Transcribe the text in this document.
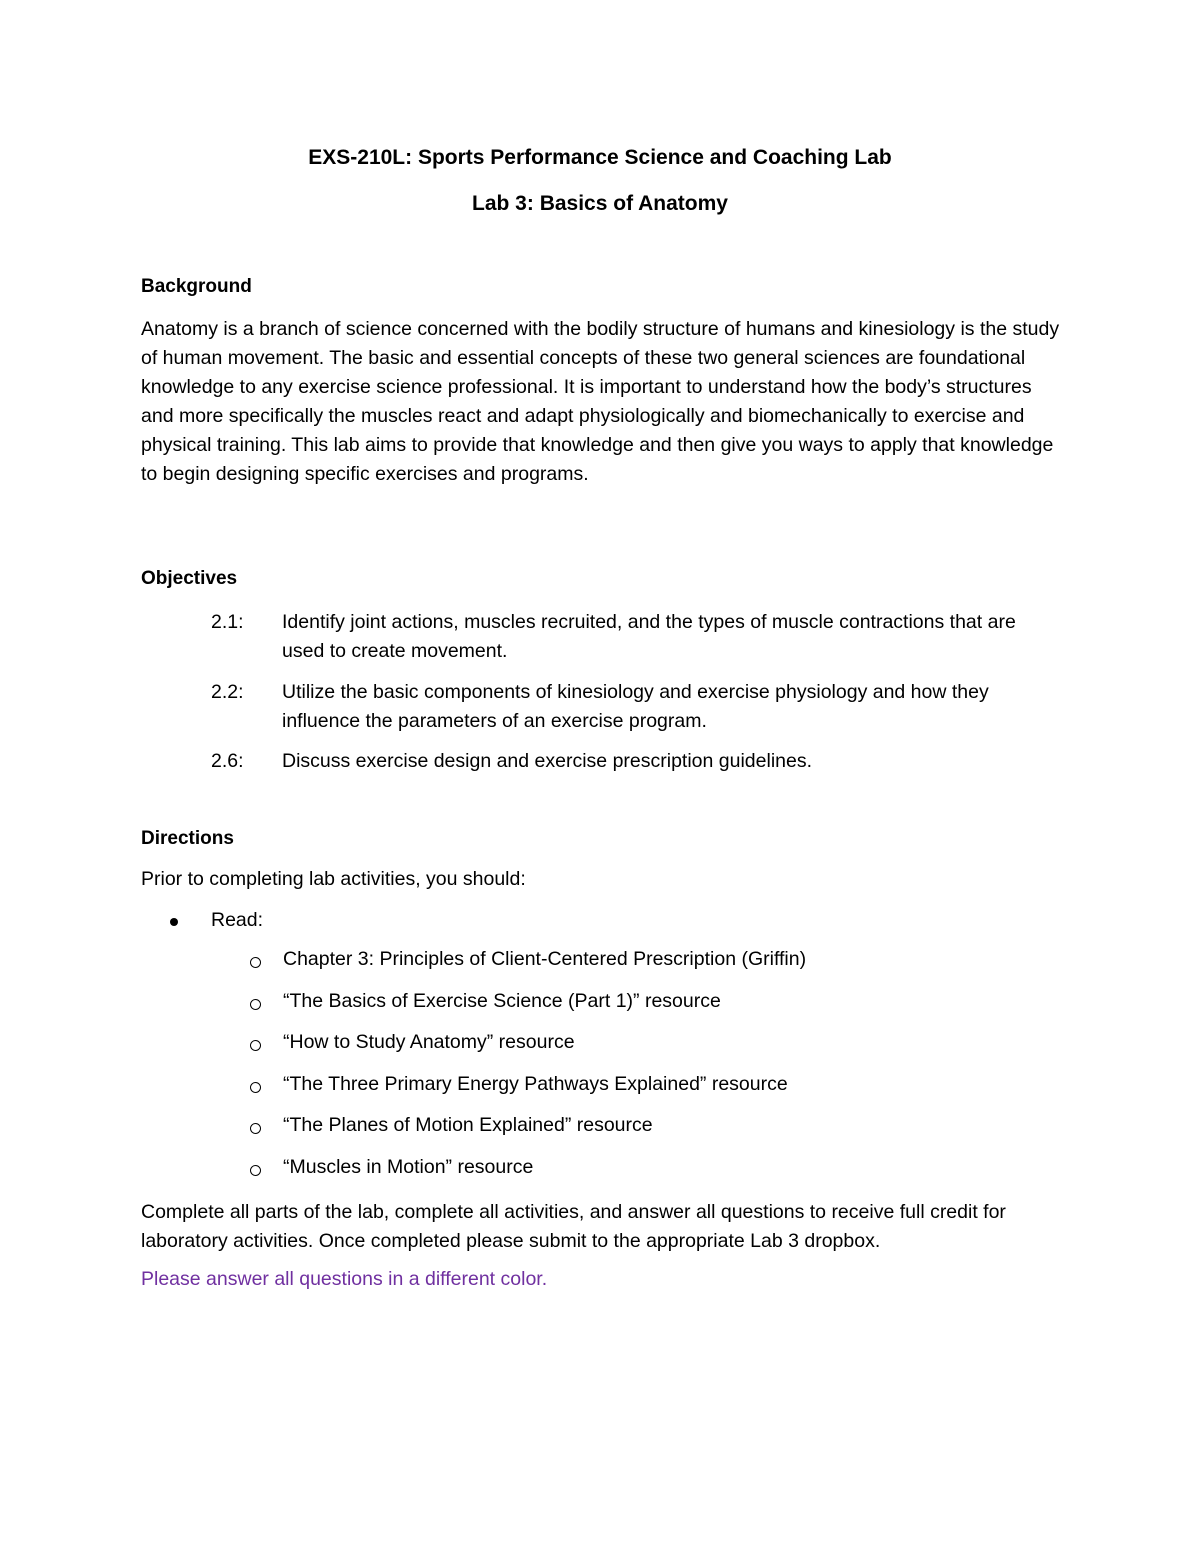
EXS-210L: Sports Performance Science and Coaching Lab
Lab 3: Basics of Anatomy
Background

Anatomy is a branch of science concerned with the bodily structure of humans and kinesiology is the study of human movement. The basic and essential concepts of these two general sciences are foundational knowledge to any exercise science professional. It is important to understand how the body’s structures and more specifically the muscles react and adapt physiologically and biomechanically to exercise and physical training. This lab aims to provide that knowledge and then give you ways to apply that knowledge to begin designing specific exercises and programs.

Objectives
2.1: Identify joint actions, muscles recruited, and the types of muscle contractions that are used to create movement.
2.2: Utilize the basic components of kinesiology and exercise physiology and how they influence the parameters of an exercise program.
2.6: Discuss exercise design and exercise prescription guidelines.
Directions

Prior to completing lab activities, you should:

Read:
Chapter 3: Principles of Client-Centered Prescription (Griffin)
“The Basics of Exercise Science (Part 1)” resource
“How to Study Anatomy” resource
“The Three Primary Energy Pathways Explained” resource
“The Planes of Motion Explained” resource
“Muscles in Motion” resource

Complete all parts of the lab, complete all activities, and answer all questions to receive full credit for laboratory activities. Once completed please submit to the appropriate Lab 3 dropbox.

Please answer all questions in a different color.
